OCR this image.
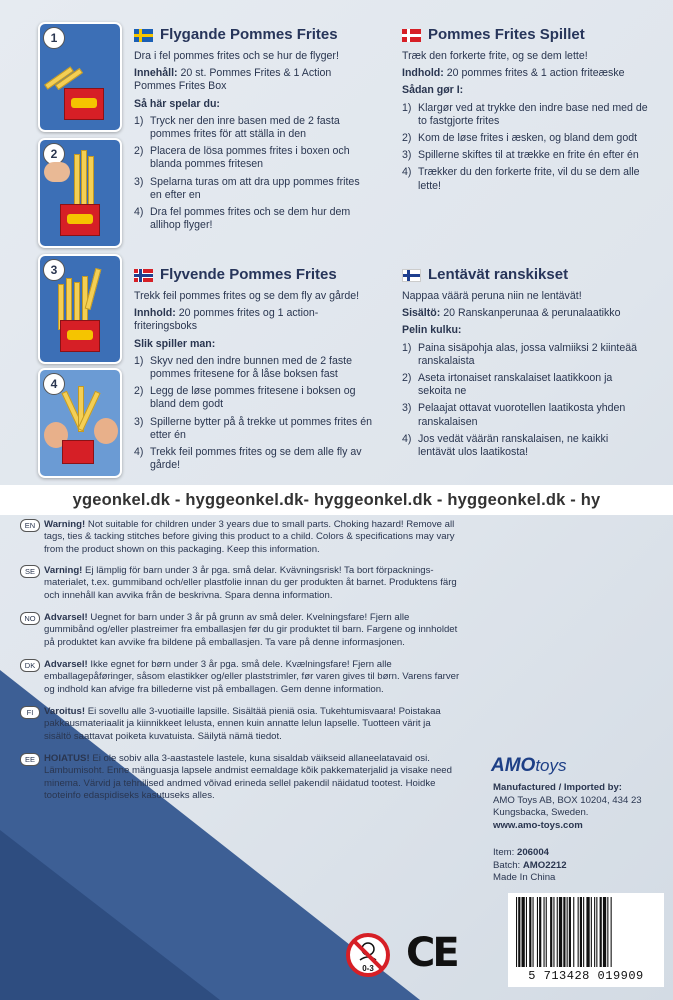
1
2
3
4
Flygande Pommes Frites

Dra i fel pommes frites och se hur de flyger!

Innehåll: 20 st. Pommes Frites & 1 Action Pommes Frites Box

Så här spelar du:

1) Tryck ner den inre basen med de 2 fasta pommes frites för att ställa in den
2) Placera de lösa pommes frites i boxen och blanda pommes fritesen
3) Spelarna turas om att dra upp pommes frites en efter en
4) Dra fel pommes frites och se dem hur dem allihop flyger!
Pommes Frites Spillet

Træk den forkerte frite, og se dem lette!

Indhold: 20 pommes frites & 1 action friteæske

Sådan gør I:

1) Klargør ved at trykke den indre base ned med de to fastgjorte frites
2) Kom de løse frites i æsken, og bland dem godt
3) Spillerne skiftes til at trække en frite én efter én
4) Trækker du den forkerte frite, vil du se dem alle lette!
Flyvende Pommes Frites

Trekk feil pommes frites og se dem fly av gårde!

Innhold: 20 pommes frites og 1 action-friteringsboks

Slik spiller man:

1) Skyv ned den indre bunnen med de 2 faste pommes fritesene for å låse boksen fast
2) Legg de løse pommes fritesene i boksen og bland dem godt
3) Spillerne bytter på å trekke ut pommes frites én etter én
4) Trekk feil pommes frites og se dem alle fly av gårde!
Lentävät ranskikset

Nappaa väärä peruna niin ne lentävät!

Sisältö: 20 Ranskanperunaa & perunalaatikko

Pelin kulku:

1) Paina sisäpohja alas, jossa valmiiksi 2 kiinteää ranskalaista
2) Aseta irtonaiset ranskalaiset laatikkoon ja sekoita ne
3) Pelaajat ottavat vuorotellen laatikosta yhden ranskalaisen
4) Jos vedät väärän ranskalaisen, ne kaikki lentävät ulos laatikosta!
ygeonkel.dk - hyggeonkel.dk- hyggeonkel.dk - hyggeonkel.dk - hy
EN Warning! Not suitable for children under 3 years due to small parts. Choking hazard! Remove all tags, ties & tacking stitches before giving this product to a child. Colors & specifications may vary from the product shown on this packaging. Keep this information.
SE Varning! Ej lämplig för barn under 3 år pga. små delar. Kvävningsrisk! Ta bort förpacknings-materialet, t.ex. gummiband och/eller plastfolie innan du ger produkten åt barnet. Produktens färg och innehåll kan avvika från de beskrivna. Spara denna information.
NO Advarsel! Uegnet for barn under 3 år på grunn av små deler. Kvelningsfare! Fjern alle gummibånd og/eller plastreimer fra emballasjen før du gir produktet til barn. Fargene og innholdet på produktet kan avvike fra bildene på emballasjen. Ta vare på denne informasjonen.
DK Advarsel! Ikke egnet for børn under 3 år pga. små dele. Kvælningsfare! Fjern alle emballagepåføringer, såsom elastikker og/eller plaststrimler, før varen gives til børn. Varens farver og indhold kan afvige fra billederne vist på emballagen. Gem denne information.
FI	Varoitus! Ei sovellu alle 3-vuotiaille lapsille. Sisältää pieniä osia. Tukehtumisvaara! Poistakaa pakkausmateriaalit ja kiinnikkeet lelusta, ennen kuin annatte lelun lapselle. Tuotteen värit ja sisältö saattavat poiketa kuvatuista. Säilytä nämä tiedot.
EE HOIATUS! Ei ole sobiv alla 3-aastastele lastele, kuna sisaldab väikseid allaneelatavaid osi. Lämbumisoht. Enne mänguasja lapsele andmist eemaldage kõik pakkematerjalid ja visake need minema. Värvid ja tehnilised andmed võivad erineda sellel pakendil näidatud tootest. Hoidke tooteinfo edaspidiseks kasutuseks alles.
AMOtoys
Manufactured / Imported by:
AMO Toys AB, BOX 10204, 434 23
Kungsbacka, Sweden.
www.amo-toys.com
Item: 206004
Batch: AMO2212
Made In China
5 713428 019909
0-3 CE
